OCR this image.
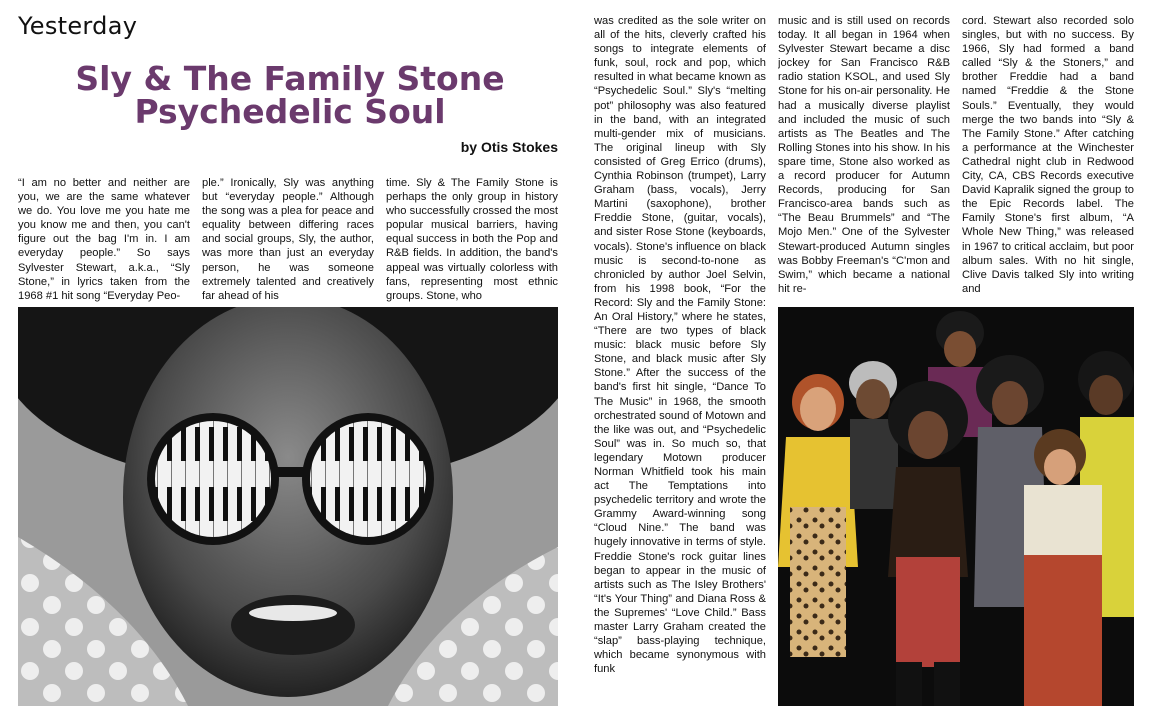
Yesterday
Sly & The Family Stone
Psychedelic Soul
by Otis Stokes
“I am no better and neither are you, we are the same whatever we do. You love me you hate me you know me and then, you can't figure out the bag I'm in. I am everyday people.” So says Sylvester Stewart, a.k.a., “Sly Stone,” in lyrics taken from the 1968 #1 hit song “Everyday Peo-
ple.” Ironically, Sly was anything but “everyday people.” Although the song was a plea for peace and equality between differing races and social groups, Sly, the author, was more than just an everyday person, he was someone extremely talented and creatively far ahead of his
time. Sly & The Family Stone is perhaps the only group in history who successfully crossed the most popular musical barriers, having equal success in both the Pop and R&B fields. In addition, the band's appeal was virtually colorless with fans, representing most ethnic groups. Stone, who
was credited as the sole writer on all of the hits, cleverly crafted his songs to integrate elements of funk, soul, rock and pop, which resulted in what became known as “Psychedelic Soul.” Sly's “melting pot” philosophy was also featured in the band, with an integrated multi-gender mix of musicians. The original lineup with Sly consisted of Greg Errico (drums), Cynthia Robinson (trumpet), Larry Graham (bass, vocals), Jerry Martini (saxophone), brother Freddie Stone, (guitar, vocals), and sister Rose Stone (keyboards, vocals). Stone's influence on black music is second-to-none as chronicled by author Joel Selvin, from his 1998 book, “For the Record: Sly and the Family Stone: An Oral History,” where he states, “There are two types of black music: black music before Sly Stone, and black music after Sly Stone.” After the success of the band's first hit single, “Dance To The Music” in 1968, the smooth orchestrated sound of Motown and the like was out, and “Psychedelic Soul” was in. So much so, that legendary Motown producer Norman Whitfield took his main act The Temptations into psychedelic territory and wrote the Grammy Award-winning song “Cloud Nine.” The band was hugely innovative in terms of style. Freddie Stone's rock guitar lines began to appear in the music of artists such as The Isley Brothers' “It's Your Thing” and Diana Ross & the Supremes' “Love Child.” Bass master Larry Graham created the “slap” bass-playing technique, which became synonymous with funk
music and is still used on records today. It all began in 1964 when Sylvester Stewart became a disc jockey for San Francisco R&B radio station KSOL, and used Sly Stone for his on-air personality. He had a musically diverse playlist and included the music of such artists as The Beatles and The Rolling Stones into his show. In his spare time, Stone also worked as a record producer for Autumn Records, producing for San Francisco-area bands such as “The Beau Brummels” and “The Mojo Men.” One of the Sylvester Stewart-produced Autumn singles was Bobby Freeman's “C'mon and Swim,” which became a national hit re-
cord. Stewart also recorded solo singles, but with no success. By 1966, Sly had formed a band called “Sly & the Stoners,” and brother Freddie had a band named “Freddie & the Stone Souls.” Eventually, they would merge the two bands into “Sly & The Family Stone.” After catching a performance at the Winchester Cathedral night club in Redwood City, CA, CBS Records executive David Kapralik signed the group to the Epic Records label. The Family Stone's first album, “A Whole New Thing,” was released in 1967 to critical acclaim, but poor album sales. With no hit single, Clive Davis talked Sly into writing and
